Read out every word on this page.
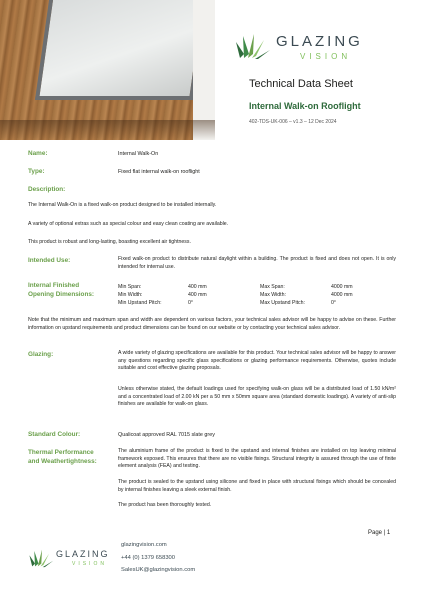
GLAZING
VISION
Technical Data Sheet
Internal Walk-on Rooflight
402-TDS-UK-006 – v1.3 – 12 Dec 2024
Name:	Internal Walk-On
Type:	Fixed flat internal walk-on rooflight
Description:
The Internal Walk-On is a fixed walk-on product designed to be installed internally.
A variety of optional extras such as special colour and easy clean coating are available.
This product is robust and long-lasting, boasting excellent air tightness.
Intended Use:	Fixed walk-on product to distribute natural daylight within a building. The product is fixed and does not open. It is only intended for internal use.
Internal Finished
Opening Dimensions:
Min Span:	400 mm	Max Span:	4000 mm
Min Width:	400 mm	Max Width:	4000 mm
Min Upstand Pitch:	0°	Max Upstand Pitch:	0°
Note that the minimum and maximum span and width are dependent on various factors, your technical sales advisor will be happy to advise on these. Further information on upstand requirements and product dimensions can be found on our website or by contacting your technical sales advisor.
Glazing:	A wide variety of glazing specifications are available for this product. Your technical sales advisor will be happy to answer any questions regarding specific glass specifications or glazing performance requirements. Otherwise, quotes include suitable and cost effective glazing proposals.
Unless otherwise stated, the default loadings used for specifying walk-on glass will be a distributed load of 1.50 kN/m² and a concentrated load of 2.00 kN per a 50 mm x 50mm square area (standard domestic loadings). A variety of anti-slip finishes are available for walk-on glass.
Standard Colour:	Qualicoat approved RAL 7015 slate grey
Thermal Performance
and Weathertightness:
The aluminium frame of the product is fixed to the upstand and internal finishes are installed on top leaving minimal framework exposed. This ensures that there are no visible fixings. Structural integrity is assured through the use of finite element analysis (FEA) and testing.
The product is sealed to the upstand using silicone and fixed in place with structural fixings which should be concealed by internal finishes leaving a sleek external finish.
The product has been thoroughly tested.
Page | 1
GLAZING
VISION
glazingvision.com
+44 (0) 1379 658300
SalesUK@glazingvision.com
